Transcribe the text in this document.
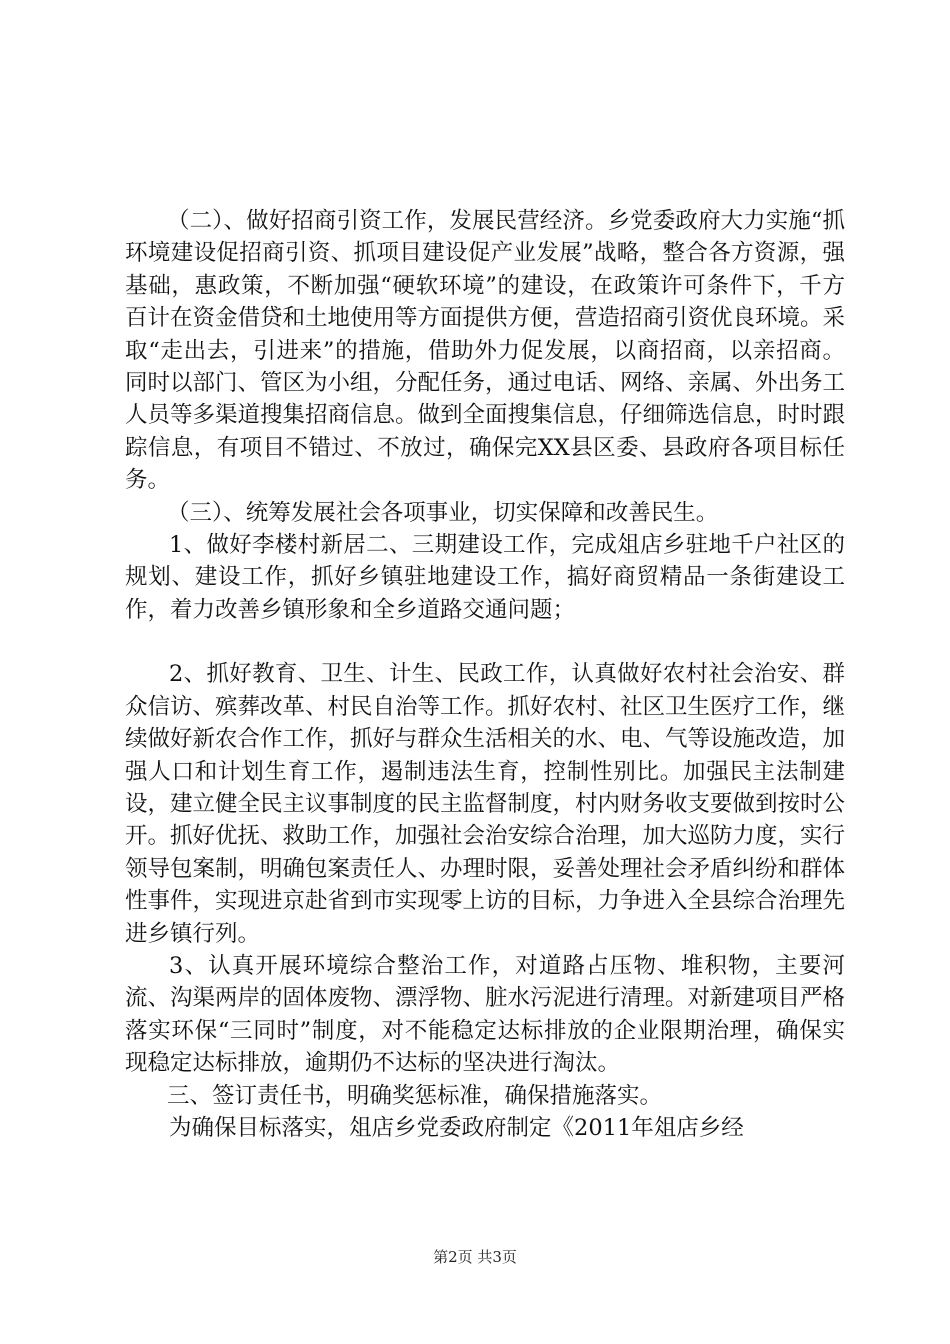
（二）、做好招商引资工作，发展民营经济。乡党委政府大力实施“抓环境建设促招商引资、抓项目建设促产业发展”战略，整合各方资源，强基础，惠政策，不断加强“硬软环境”的建设，在政策许可条件下，千方百计在资金借贷和土地使用等方面提供方便，营造招商引资优良环境。采取“走出去，引进来”的措施，借助外力促发展，以商招商，以亲招商。同时以部门、管区为小组，分配任务，通过电话、网络、亲属、外出务工人员等多渠道搜集招商信息。做到全面搜集信息，仔细筛选信息，时时跟踪信息，有项目不错过、不放过，确保完XX县区委、县政府各项目标任务。

（三）、统筹发展社会各项事业，切实保障和改善民生。

1、做好李楼村新居二、三期建设工作，完成俎店乡驻地千户社区的规划、建设工作，抓好乡镇驻地建设工作，搞好商贸精品一条街建设工作，着力改善乡镇形象和全乡道路交通问题；

2、抓好教育、卫生、计生、民政工作，认真做好农村社会治安、群众信访、殡葬改革、村民自治等工作。抓好农村、社区卫生医疗工作，继续做好新农合作工作，抓好与群众生活相关的水、电、气等设施改造，加强人口和计划生育工作，遏制违法生育，控制性别比。加强民主法制建设，建立健全民主议事制度的民主监督制度，村内财务收支要做到按时公开。抓好优抚、救助工作，加强社会治安综合治理，加大巡防力度，实行领导包案制，明确包案责任人、办理时限，妥善处理社会矛盾纠纷和群体性事件，实现进京赴省到市实现零上访的目标，力争进入全县综合治理先进乡镇行列。

3、认真开展环境综合整治工作，对道路占压物、堆积物，主要河流、沟渠两岸的固体废物、漂浮物、脏水污泥进行清理。对新建项目严格落实环保“三同时”制度，对不能稳定达标排放的企业限期治理，确保实现稳定达标排放，逾期仍不达标的坚决进行淘汰。

三、签订责任书，明确奖惩标准，确保措施落实。

为确保目标落实，俎店乡党委政府制定《2011年俎店乡经

第2页 共3页
